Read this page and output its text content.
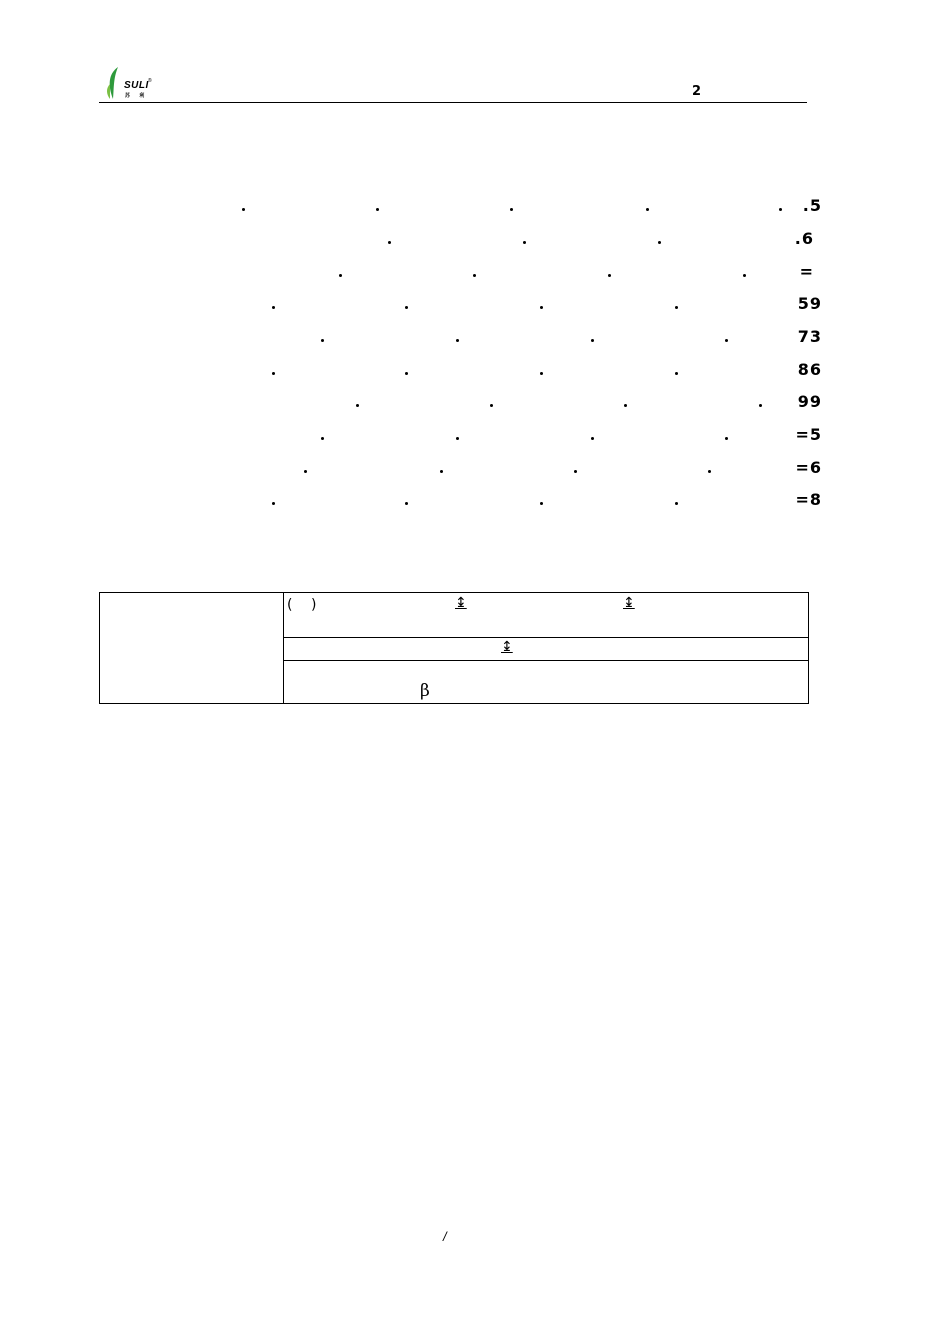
SULI ®
苏 利	2
.5
.6
=
59
73
86
99
=5
=6
=8
( )	↨	↨
↨
β
/
